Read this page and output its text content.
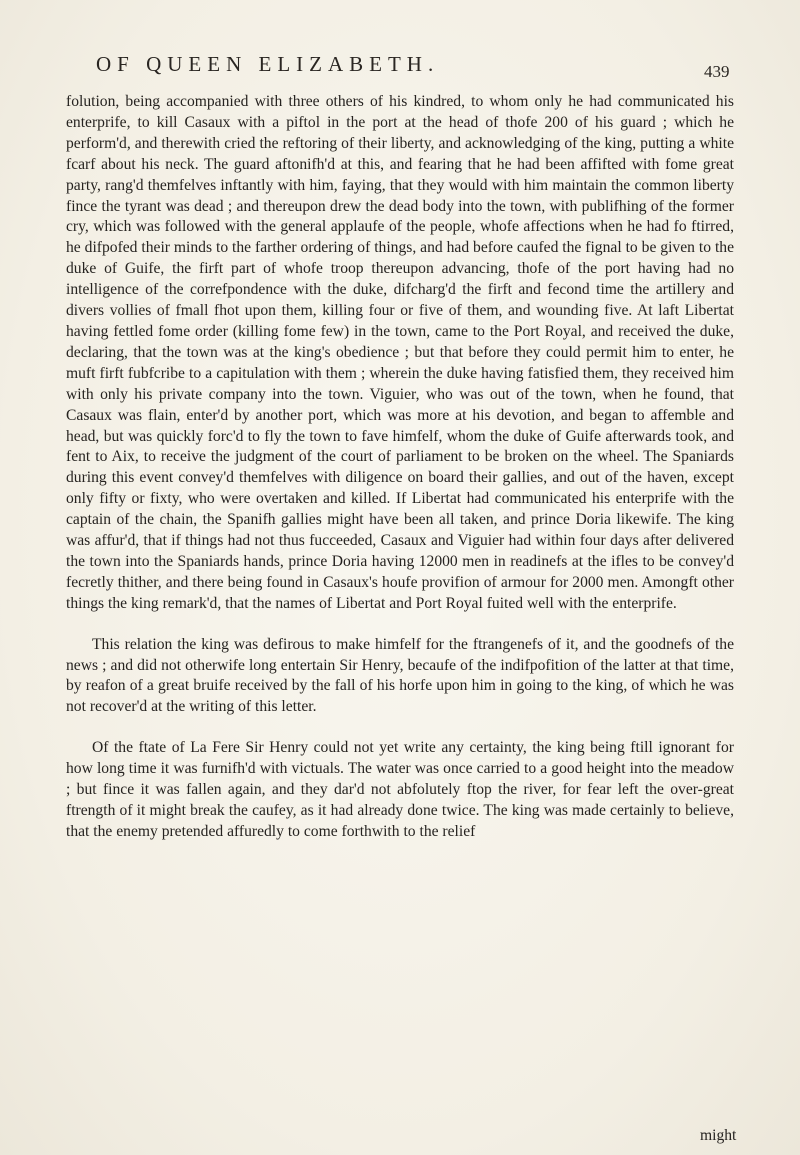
OF QUEEN ELIZABETH.	439

folution, being accompanied with three others of his kindred, to whom only he had communicated his enterprife, to kill Casaux with a piftol in the port at the head of thofe 200 of his guard ; which he perform'd, and therewith cried the reftoring of their liberty, and acknowledging of the king, putting a white fcarf about his neck. The guard aftonifh'd at this, and fearing that he had been affifted with fome great party, rang'd themfelves inftantly with him, faying, that they would with him maintain the common liberty fince the tyrant was dead ; and thereupon drew the dead body into the town, with publifhing of the former cry, which was followed with the general applaufe of the people, whofe affections when he had fo ftirred, he difpofed their minds to the farther ordering of things, and had before caufed the fignal to be given to the duke of Guife, the firft part of whofe troop thereupon advancing, thofe of the port having had no intelligence of the correfpondence with the duke, difcharg'd the firft and fecond time the artillery and divers vollies of fmall fhot upon them, killing four or five of them, and wounding five. At laft Libertat having fettled fome order (killing fome few) in the town, came to the Port Royal, and received the duke, declaring, that the town was at the king's obedience ; but that before they could permit him to enter, he muft firft fubfcribe to a capitulation with them ; wherein the duke having fatisfied them, they received him with only his private company into the town. Viguier, who was out of the town, when he found, that Casaux was flain, enter'd by another port, which was more at his devotion, and began to affemble and head, but was quickly forc'd to fly the town to fave himfelf, whom the duke of Guife afterwards took, and fent to Aix, to receive the judgment of the court of parliament to be broken on the wheel. The Spaniards during this event convey'd themfelves with diligence on board their gallies, and out of the haven, except only fifty or fixty, who were overtaken and killed. If Libertat had communicated his enterprife with the captain of the chain, the Spanifh gallies might have been all taken, and prince Doria likewife. The king was affur'd, that if things had not thus fucceeded, Casaux and Viguier had within four days after delivered the town into the Spaniards hands, prince Doria having 12000 men in readinefs at the ifles to be convey'd fecretly thither, and there being found in Casaux's houfe provifion of armour for 2000 men. Amongft other things the king remark'd, that the names of Libertat and Port Royal fuited well with the enterprife.

This relation the king was defirous to make himfelf for the ftrangenefs of it, and the goodnefs of the news ; and did not otherwife long entertain Sir Henry, becaufe of the indifpofition of the latter at that time, by reafon of a great bruife received by the fall of his horfe upon him in going to the king, of which he was not recover'd at the writing of this letter.

Of the ftate of La Fere Sir Henry could not yet write any certainty, the king being ftill ignorant for how long time it was furnifh'd with victuals. The water was once carried to a good height into the meadow ; but fince it was fallen again, and they dar'd not abfolutely ftop the river, for fear left the over-great ftrength of it might break the caufey, as it had already done twice. The king was made certainly to believe, that the enemy pretended affuredly to come forthwith to the relief

might
